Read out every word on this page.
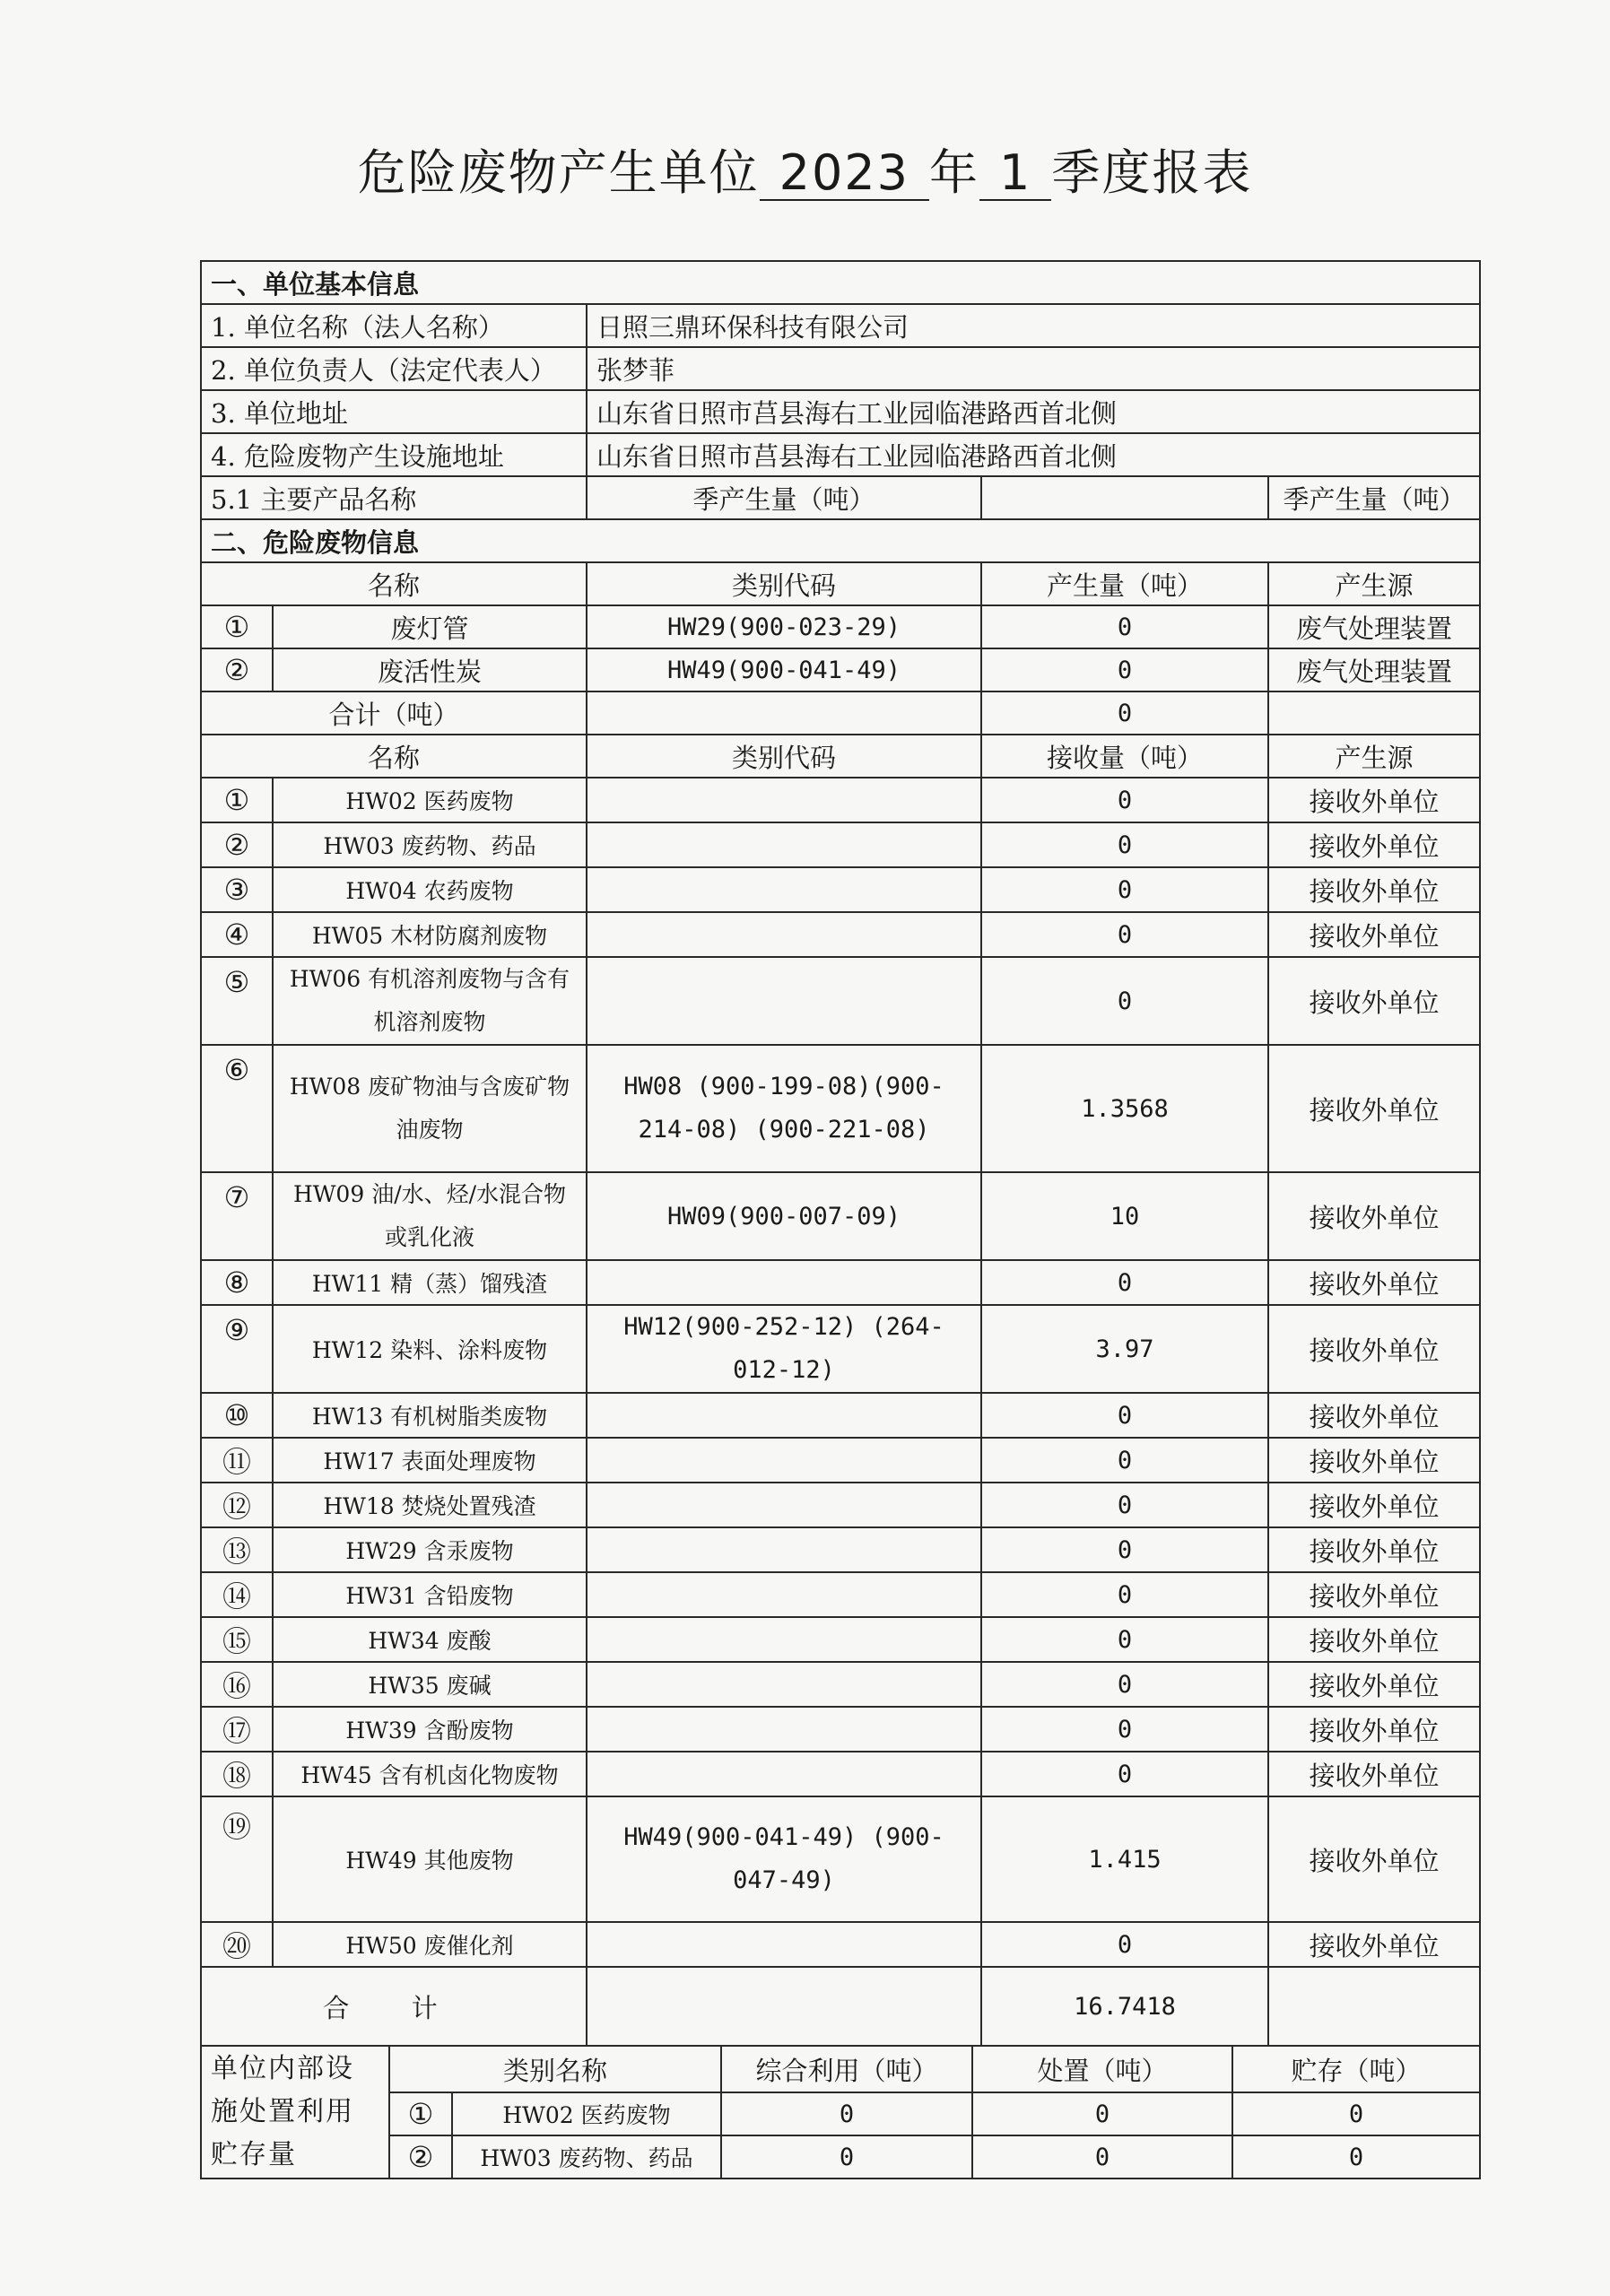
危险废物产生单位 2023 年 1 季度报表
一、单位基本信息				
1. 单位名称（法人名称）		日照三鼎环保科技有限公司		
2. 单位负责人（法定代表人）		张梦菲		
3. 单位地址		山东省日照市莒县海右工业园临港路西首北侧		
4. 危险废物产生设施地址		山东省日照市莒县海右工业园临港路西首北侧		
5.1 主要产品名称		季产生量（吨）		季产生量（吨）
二、危险废物信息				
名称		类别代码	产生量（吨）	产生源
①	废灯管	HW29(900-023-29)	0	废气处理装置
②	废活性炭	HW49(900-041-49)	0	废气处理装置
合计（吨）			0	
名称		类别代码	接收量（吨）	产生源
①	HW02 医药废物		0	接收外单位
②	HW03 废药物、药品		0	接收外单位
③	HW04 农药废物		0	接收外单位
④	HW05 木材防腐剂废物		0	接收外单位
⑤	HW06 有机溶剂废物与含有机溶剂废物		0	接收外单位
⑥	HW08 废矿物油与含废矿物油废物	HW08 (900-199-08)(900-214-08) (900-221-08)	1.3568	接收外单位
⑦	HW09 油/水、烃/水混合物或乳化液	HW09(900-007-09)	10	接收外单位
⑧	HW11 精（蒸）馏残渣		0	接收外单位
⑨	HW12 染料、涂料废物	HW12(900-252-12) (264-012-12)	3.97	接收外单位
⑩	HW13 有机树脂类废物		0	接收外单位
⑪	HW17 表面处理废物		0	接收外单位
⑫	HW18 焚烧处置残渣		0	接收外单位
⑬	HW29 含汞废物		0	接收外单位
⑭	HW31 含铅废物		0	接收外单位
⑮	HW34 废酸		0	接收外单位
⑯	HW35 废碱		0	接收外单位
⑰	HW39 含酚废物		0	接收外单位
⑱	HW45 含有机卤化物废物		0	接收外单位
⑲	HW49 其他废物	HW49(900-041-49) (900-047-49)	1.415	接收外单位
⑳	HW50 废催化剂		0	接收外单位
合 计			16.7418	
单位内部设施处置利用贮存量	类别名称		综合利用（吨）	处置（吨）	贮存（吨）
	①	HW02 医药废物	0	0	0
	②	HW03 废药物、药品	0	0	0
